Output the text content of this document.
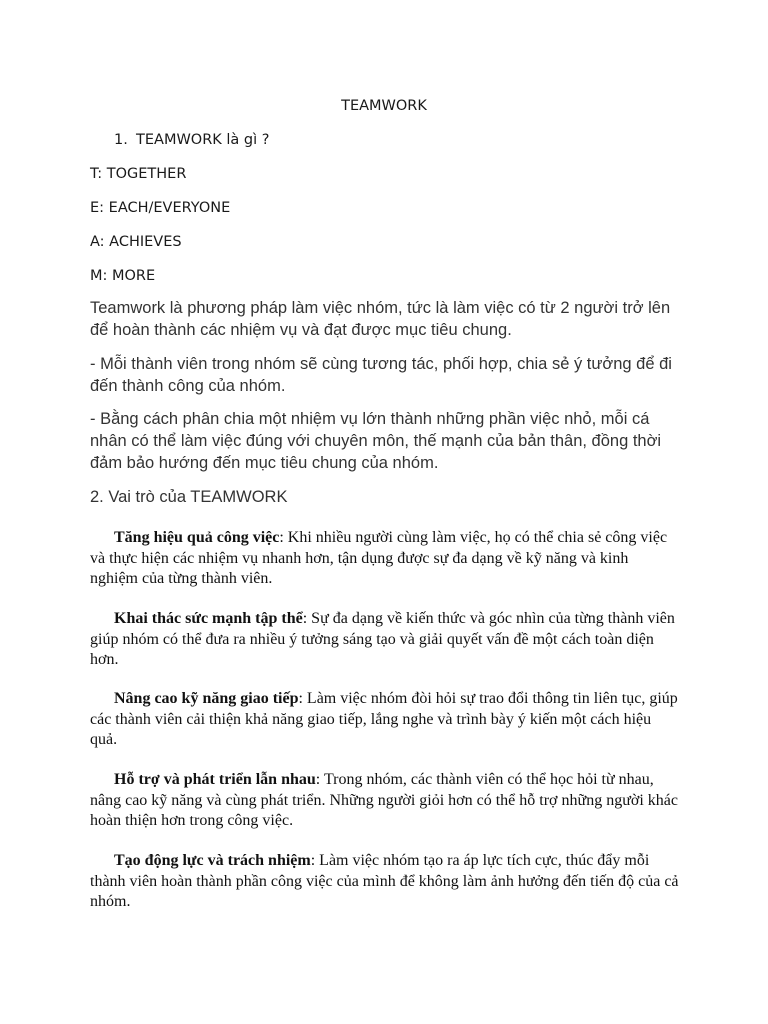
TEAMWORK
1. TEAMWORK là gì ?
T: TOGETHER
E: EACH/EVERYONE
A: ACHIEVES
M: MORE

Teamwork là phương pháp làm việc nhóm, tức là làm việc có từ 2 người trở lên để hoàn thành các nhiệm vụ và đạt được mục tiêu chung.

- Mỗi thành viên trong nhóm sẽ cùng tương tác, phối hợp, chia sẻ ý tưởng để đi đến thành công của nhóm.

- Bằng cách phân chia một nhiệm vụ lớn thành những phần việc nhỏ, mỗi cá nhân có thể làm việc đúng với chuyên môn, thế mạnh của bản thân, đồng thời đảm bảo hướng đến mục tiêu chung của nhóm.

2. Vai trò của TEAMWORK

Tăng hiệu quả công việc: Khi nhiều người cùng làm việc, họ có thể chia sẻ công việc và thực hiện các nhiệm vụ nhanh hơn, tận dụng được sự đa dạng về kỹ năng và kinh nghiệm của từng thành viên.

Khai thác sức mạnh tập thể: Sự đa dạng về kiến thức và góc nhìn của từng thành viên giúp nhóm có thể đưa ra nhiều ý tưởng sáng tạo và giải quyết vấn đề một cách toàn diện hơn.

Nâng cao kỹ năng giao tiếp: Làm việc nhóm đòi hỏi sự trao đổi thông tin liên tục, giúp các thành viên cải thiện khả năng giao tiếp, lắng nghe và trình bày ý kiến một cách hiệu quả.

Hỗ trợ và phát triển lẫn nhau: Trong nhóm, các thành viên có thể học hỏi từ nhau, nâng cao kỹ năng và cùng phát triển. Những người giỏi hơn có thể hỗ trợ những người khác hoàn thiện hơn trong công việc.

Tạo động lực và trách nhiệm: Làm việc nhóm tạo ra áp lực tích cực, thúc đẩy mỗi thành viên hoàn thành phần công việc của mình để không làm ảnh hưởng đến tiến độ của cả nhóm.
